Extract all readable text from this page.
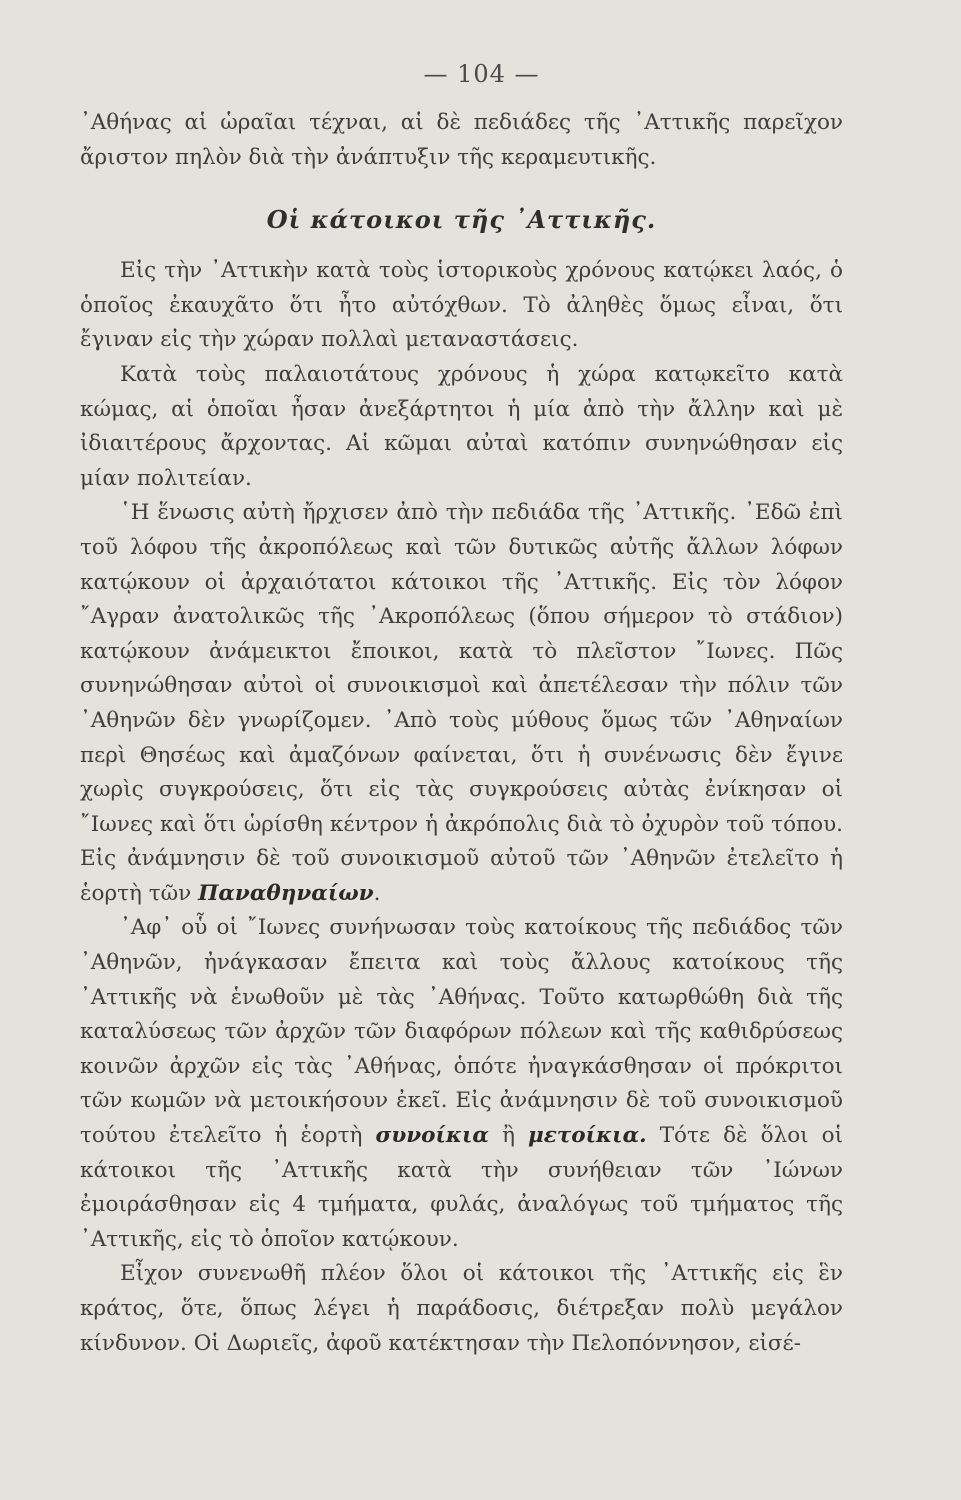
— 104 —

᾿Αθήνας αἱ ὡραῖαι τέχναι, αἱ δὲ πεδιάδες τῆς ᾿Αττικῆς παρεῖχον ἄριστον πηλὸν διὰ τὴν ἀνάπτυξιν τῆς κεραμευτικῆς.

Οἱ κάτοικοι τῆς ᾿Αττικῆς.

Εἰς τὴν ᾿Αττικὴν κατὰ τοὺς ἱστορικοὺς χρόνους κατῴκει λαός, ὁ ὁποῖος ἐκαυχᾶτο ὅτι ἦτο αὐτόχθων. Τὸ ἀληθὲς ὅμως εἶναι, ὅτι ἔγιναν εἰς τὴν χώραν πολλαὶ μεταναστάσεις.

Κατὰ τοὺς παλαιοτάτους χρόνους ἡ χώρα κατῳκεῖτο κατὰ κώμας, αἱ ὁποῖαι ἦσαν ἀνεξάρτητοι ἡ μία ἀπὸ τὴν ἄλλην καὶ μὲ ἰδιαιτέρους ἄρχοντας. Αἱ κῶμαι αὐταὶ κατόπιν συνηνώθησαν εἰς μίαν πολιτείαν.

῾Η ἕνωσις αὐτὴ ἤρχισεν ἀπὸ τὴν πεδιάδα τῆς ᾿Αττικῆς. ᾿Εδῶ ἐπὶ τοῦ λόφου τῆς ἀκροπόλεως καὶ τῶν δυτικῶς αὐτῆς ἄλλων λόφων κατῴκουν οἱ ἀρχαιότατοι κάτοικοι τῆς ᾿Αττικῆς. Εἰς τὸν λόφον ῎Αγραν ἀνατολικῶς τῆς ᾿Ακροπόλεως (ὅπου σήμερον τὸ στάδιον) κατῴκουν ἀνάμεικτοι ἔποικοι, κατὰ τὸ πλεῖστον ῎Ιωνες. Πῶς συνηνώθησαν αὐτοὶ οἱ συνοικισμοὶ καὶ ἀπετέλεσαν τὴν πόλιν τῶν ᾿Αθηνῶν δὲν γνωρίζομεν. ᾿Απὸ τοὺς μύθους ὅμως τῶν ᾿Αθηναίων περὶ Θησέως καὶ ἀμαζόνων φαίνεται, ὅτι ἡ συνένωσις δὲν ἔγινε χωρὶς συγκρούσεις, ὅτι εἰς τὰς συγκρούσεις αὐτὰς ἐνίκησαν οἱ ῎Ιωνες καὶ ὅτι ὡρίσθη κέντρον ἡ ἀκρόπολις διὰ τὸ ὀχυρὸν τοῦ τόπου. Εἰς ἀνάμνησιν δὲ τοῦ συνοικισμοῦ αὐτοῦ τῶν ᾿Αθηνῶν ἐτελεῖτο ἡ ἑορτὴ τῶν Παναθηναίων.

᾿Αφ᾿ οὗ οἱ ῎Ιωνες συνήνωσαν τοὺς κατοίκους τῆς πεδιάδος τῶν ᾿Αθηνῶν, ἠνάγκασαν ἔπειτα καὶ τοὺς ἄλλους κατοίκους τῆς ᾿Αττικῆς νὰ ἑνωθοῦν μὲ τὰς ᾿Αθήνας. Τοῦτο κατωρθώθη διὰ τῆς καταλύσεως τῶν ἀρχῶν τῶν διαφόρων πόλεων καὶ τῆς καθιδρύσεως κοινῶν ἀρχῶν εἰς τὰς ᾿Αθήνας, ὁπότε ἠναγκάσθησαν οἱ πρόκριτοι τῶν κωμῶν νὰ μετοικήσουν ἐκεῖ. Εἰς ἀνάμνησιν δὲ τοῦ συνοικισμοῦ τούτου ἐτελεῖτο ἡ ἑορτὴ συνοίκια ἢ μετοίκια. Τότε δὲ ὅλοι οἱ κάτοικοι τῆς ᾿Αττικῆς κατὰ τὴν συνήθειαν τῶν ᾿Ιώνων ἐμοιράσθησαν εἰς 4 τμήματα, φυλάς, ἀναλόγως τοῦ τμήματος τῆς ᾿Αττικῆς, εἰς τὸ ὁποῖον κατῴκουν.

Εἶχον συνενωθῆ πλέον ὅλοι οἱ κάτοικοι τῆς ᾿Αττικῆς εἰς ἓν κράτος, ὅτε, ὅπως λέγει ἡ παράδοσις, διέτρεξαν πολὺ μεγάλον κίνδυνον. Οἱ Δωριεῖς, ἀφοῦ κατέκτησαν τὴν Πελοπόννησον, εἰσέ-
